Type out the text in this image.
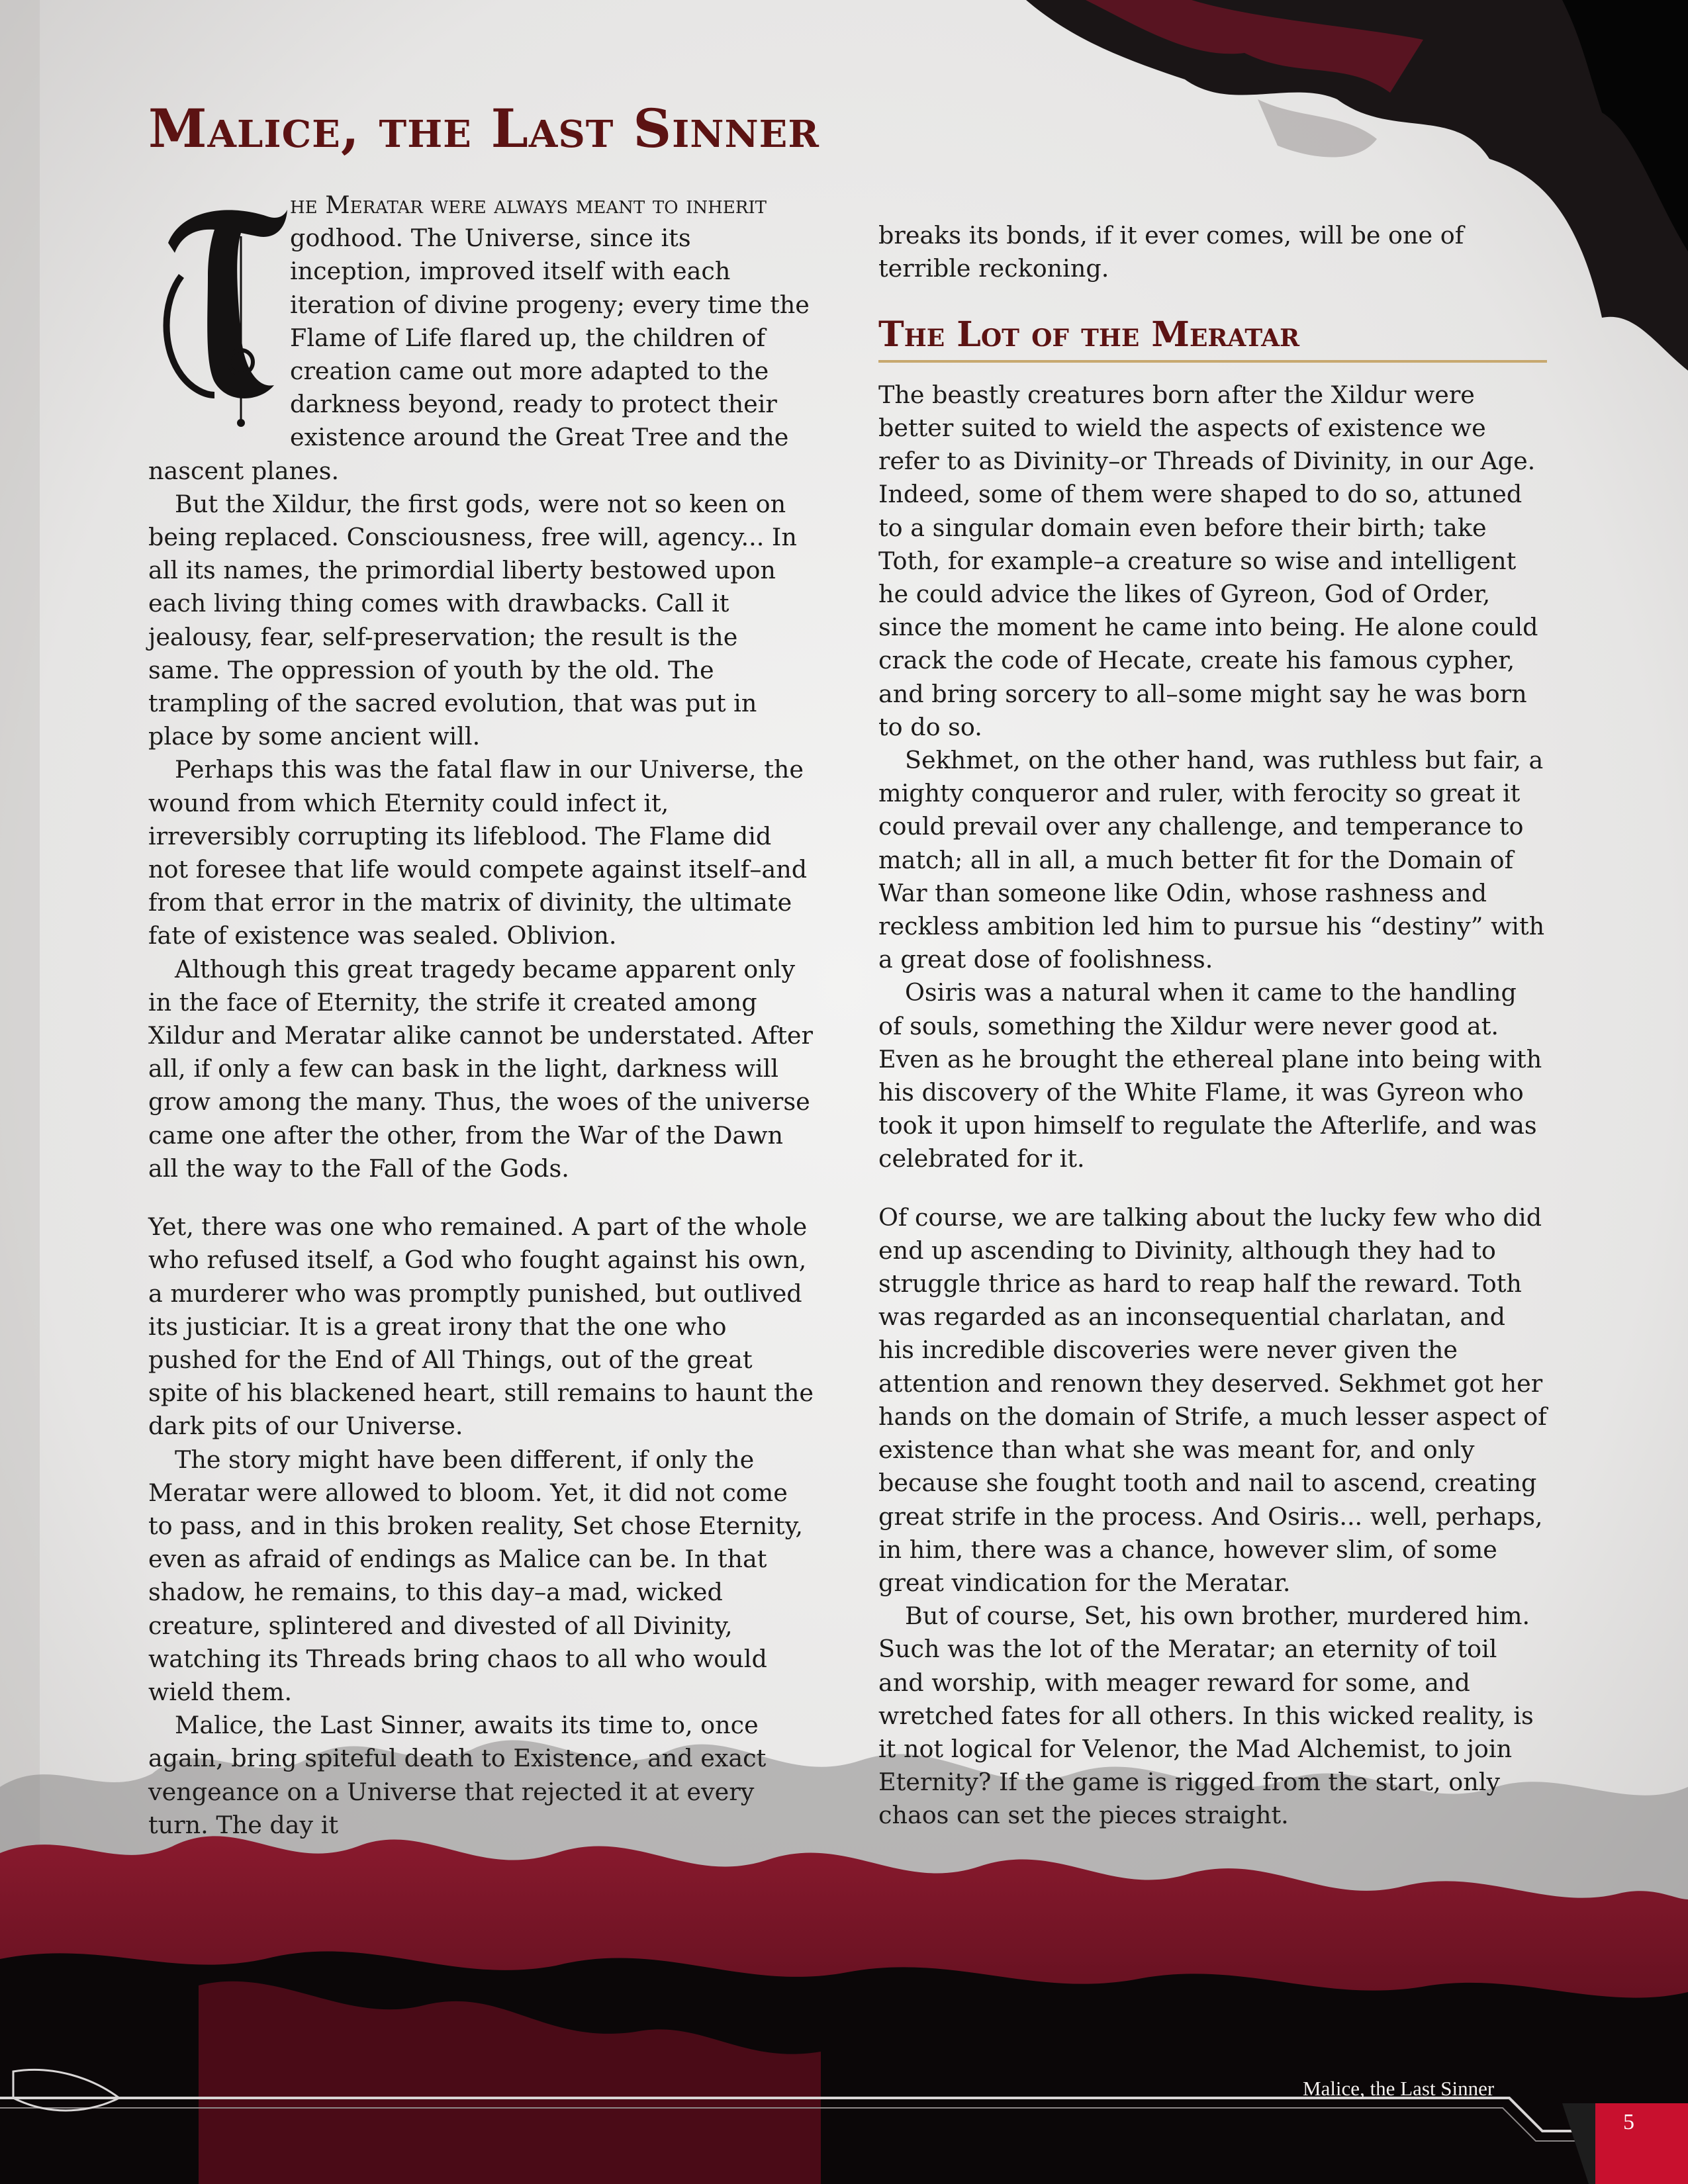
Malice, the Last Sinner

he Meratar were always meant to inherit godhood. The Universe, since its inception, improved itself with each iteration of divine progeny; every time the Flame of Life flared up, the children of creation came out more adapted to the darkness beyond, ready to protect their existence around the Great Tree and the nascent planes.

But the Xildur, the first gods, were not so keen on being replaced. Consciousness, free will, agency... In all its names, the primordial liberty bestowed upon each living thing comes with drawbacks. Call it jealousy, fear, self-preservation; the result is the same. The oppression of youth by the old. The trampling of the sacred evolution, that was put in place by some ancient will.

Perhaps this was the fatal flaw in our Universe, the wound from which Eternity could infect it, irreversibly corrupting its lifeblood. The Flame did not foresee that life would compete against itself–and from that error in the matrix of divinity, the ultimate fate of existence was sealed. Oblivion.

Although this great tragedy became apparent only in the face of Eternity, the strife it created among Xildur and Meratar alike cannot be understated. After all, if only a few can bask in the light, darkness will grow among the many. Thus, the woes of the universe came one after the other, from the War of the Dawn all the way to the Fall of the Gods.

Yet, there was one who remained. A part of the whole who refused itself, a God who fought against his own, a murderer who was promptly punished, but outlived its justiciar. It is a great irony that the one who pushed for the End of All Things, out of the great spite of his blackened heart, still remains to haunt the dark pits of our Universe.

The story might have been different, if only the Meratar were allowed to bloom. Yet, it did not come to pass, and in this broken reality, Set chose Eternity, even as afraid of endings as Malice can be. In that shadow, he remains, to this day–a mad, wicked creature, splintered and divested of all Divinity, watching its Threads bring chaos to all who would wield them.

Malice, the Last Sinner, awaits its time to, once again, bring spiteful death to Existence, and exact vengeance on a Universe that rejected it at every turn. The day it

breaks its bonds, if it ever comes, will be one of terrible reckoning.

The Lot of the Meratar

The beastly creatures born after the Xildur were better suited to wield the aspects of existence we refer to as Divinity–or Threads of Divinity, in our Age. Indeed, some of them were shaped to do so, attuned to a singular domain even before their birth; take Toth, for example–a creature so wise and intelligent he could advice the likes of Gyreon, God of Order, since the moment he came into being. He alone could crack the code of Hecate, create his famous cypher, and bring sorcery to all–some might say he was born to do so.

Sekhmet, on the other hand, was ruthless but fair, a mighty conqueror and ruler, with ferocity so great it could prevail over any challenge, and temperance to match; all in all, a much better fit for the Domain of War than someone like Odin, whose rashness and reckless ambition led him to pursue his “destiny” with a great dose of foolishness.

Osiris was a natural when it came to the handling of souls, something the Xildur were never good at. Even as he brought the ethereal plane into being with his discovery of the White Flame, it was Gyreon who took it upon himself to regulate the Afterlife, and was celebrated for it.

Of course, we are talking about the lucky few who did end up ascending to Divinity, although they had to struggle thrice as hard to reap half the reward. Toth was regarded as an inconsequential charlatan, and his incredible discoveries were never given the attention and renown they deserved. Sekhmet got her hands on the domain of Strife, a much lesser aspect of existence than what she was meant for, and only because she fought tooth and nail to ascend, creating great strife in the process. And Osiris... well, perhaps, in him, there was a chance, however slim, of some great vindication for the Meratar.

But of course, Set, his own brother, murdered him. Such was the lot of the Meratar; an eternity of toil and worship, with meager reward for some, and wretched fates for all others. In this wicked reality, is it not logical for Velenor, the Mad Alchemist, to join Eternity? If the game is rigged from the start, only chaos can set the pieces straight.

Malice, the Last Sinner
5
